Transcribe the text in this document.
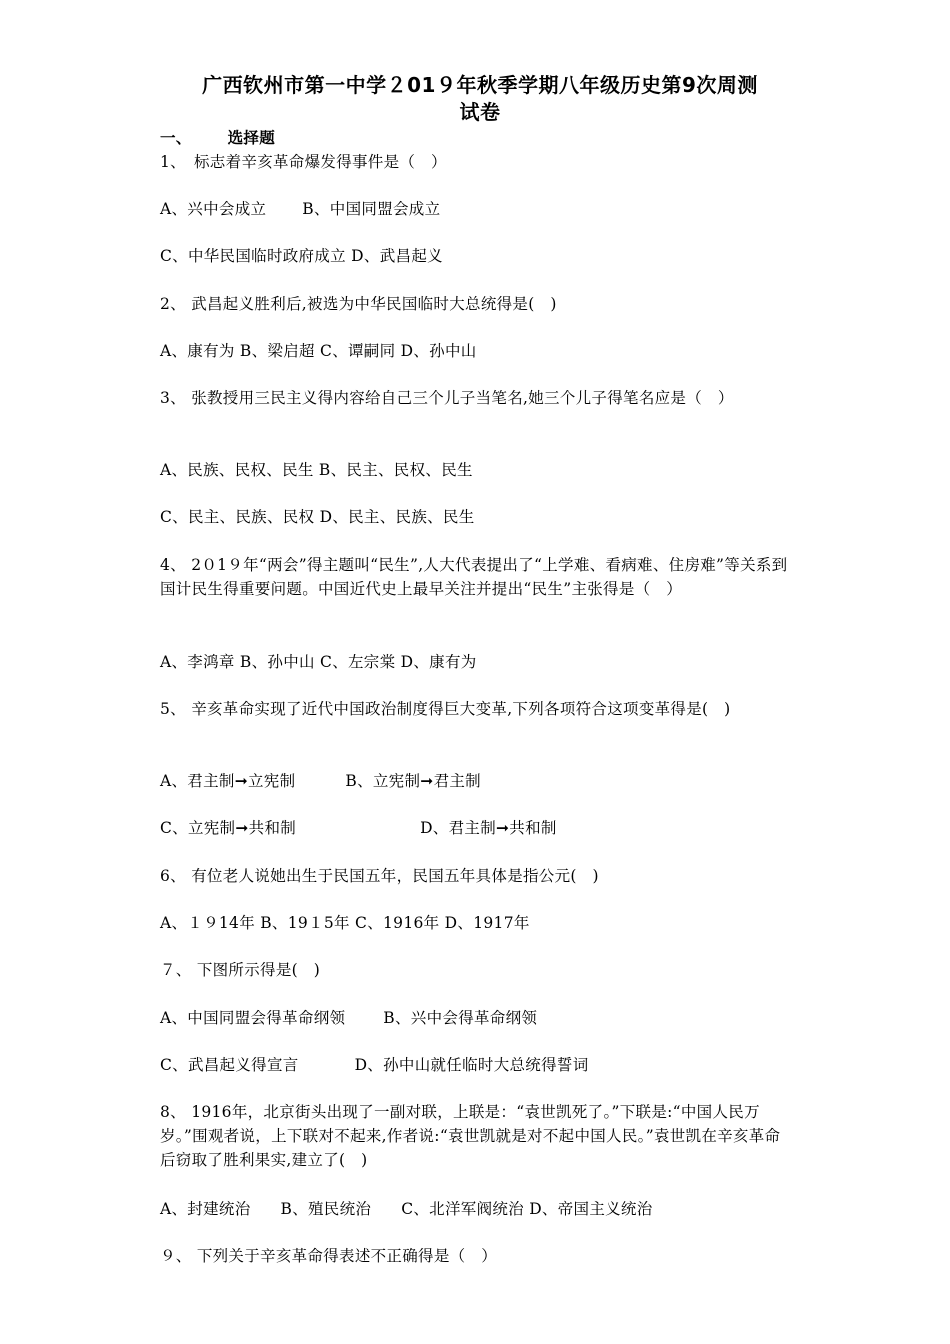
广西钦州市第一中学２01９年秋季学期八年级历史第9次周测
试卷
一、 选择题
1、　标志着辛亥革命爆发得事件是（　）
A、兴中会成立 B、中国同盟会成立
C、中华民国临时政府成立 D、武昌起义
2、 武昌起义胜利后,被选为中华民国临时大总统得是(　)
A、康有为 B、梁启超 C、谭嗣同 D、孙中山
3、 张教授用三民主义得内容给自己三个儿子当笔名,她三个儿子得笔名应是（　）
A、民族、民权、民生 B、民主、民权、民生
C、民主、民族、民权 D、民主、民族、民生
4、 2０1９年“两会”得主题叫“民生”,人大代表提出了“上学难、看病难、住房难”等关系到国计民生得重要问题。中国近代史上最早关注并提出“民生”主张得是（　）
A、李鸿章 B、孙中山 C、左宗棠 D、康有为
5、 辛亥革命实现了近代中国政治制度得巨大变革,下列各项符合这项变革得是(　)
A、君主制➞立宪制	B、立宪制➞君主制
C、立宪制➞共和制	D、君主制➞共和制
6、 有位老人说她出生于民国五年，民国五年具体是指公元(　)
A、１９14年 B、19１5年 C、1916年 D、1917年
７、 下图所示得是(　)
A、中国同盟会得革命纲领 B、兴中会得革命纲领
C、武昌起义得宣言	D、孙中山就任临时大总统得誓词
8、 1916年，北京街头出现了一副对联，上联是：“袁世凯死了。”下联是:“中国人民万岁。”围观者说，上下联对不起来,作者说:“袁世凯就是对不起中国人民。”袁世凯在辛亥革命后窃取了胜利果实,建立了(　)
A、封建统治 B、殖民统治 C、北洋军阀统治 D、帝国主义统治
９、 下列关于辛亥革命得表述不正确得是（　）
